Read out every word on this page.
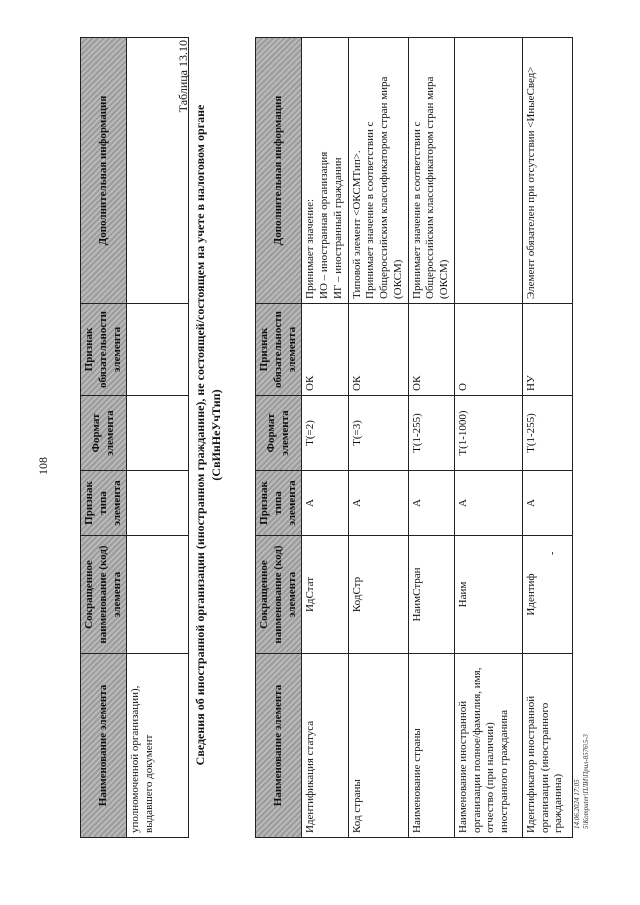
108
Наименование элемента	Сокращенное наименование (код) элемента	Признак типа элемента	Формат элемента	Признак обязательности элемента	Дополнительная информация
уполномоченной организации), выдавшего документ					
Таблица 13.10
Сведения об иностранной организации (иностранном гражданине), не состоящей/состоящем на учете в налоговом органе (СвИнНеУчТип)
Наименование элемента	Сокращенное наименование (код) элемента	Признак типа элемента	Формат элемента	Признак обязательности элемента	Дополнительная информация
Идентификация статуса	ИдСтат	А	T(=2)	ОК	Принимает значение: ИО – иностранная организация ИГ – иностранный гражданин

Код страны	КодСтр	А	T(=3)	ОК	Типовой элемент <ОКСМТип>. Принимает значение в соответствии с Общероссийским классификатором стран мира (ОКСМ)

Наименование страны	НаимСтран	А	T(1-255)	ОК	Принимает значение в соответствии с Общероссийским классификатором стран мира (ОКСМ)

Наименование иностранной организации полное/фамилия, имя, отчество (при наличии) иностранного гражданина	Наим	А	T(1-1000)	О	
Идентификатор иностранной организации (иностранного гражданина)	Идентиф	А	T(1-255)	НУ	Элемент обязателен при отсутствии <ИныеСвед>
-
14.06.2024 17:05 5\Komputer\ПЛИ\Прил-8576\5-3
